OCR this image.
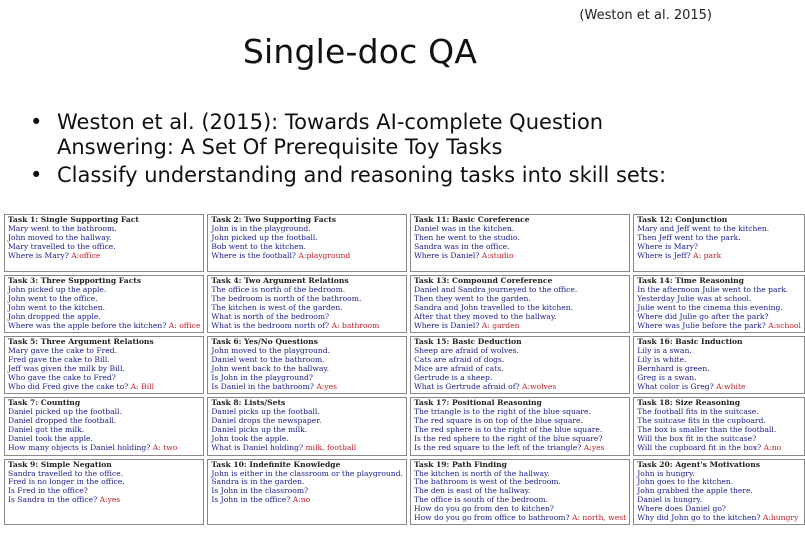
(Weston et al. 2015)
Single-doc QA
• Weston et al. (2015): Towards AI-complete Question Answering: A Set Of Prerequisite Toy Tasks
• Classify understanding and reasoning tasks into skill sets:
Task 1: Single Supporting Fact
Mary went to the bathroom.
John moved to the hallway.
Mary travelled to the office.
Where is Mary? A:office
Task 2: Two Supporting Facts
John is in the playground.
John picked up the football.
Bob went to the kitchen.
Where is the football? A:playground
Task 11: Basic Coreference
Daniel was in the kitchen.
Then he went to the studio.
Sandra was in the office.
Where is Daniel? A:studio
Task 12: Conjunction
Mary and Jeff went to the kitchen.
Then Jeff went to the park.
Where is Mary?
Where is Jeff? A: park
Task 3: Three Supporting Facts
John picked up the apple.
John went to the office.
John went to the kitchen.
John dropped the apple.
Where was the apple before the kitchen? A: office
Task 4: Two Argument Relations
The office is north of the bedroom.
The bedroom is north of the bathroom.
The kitchen is west of the garden.
What is north of the bedroom?
What is the bedroom north of? A: bathroom
Task 13: Compound Coreference
Daniel and Sandra journeyed to the office.
Then they went to the garden.
Sandra and John travelled to the kitchen.
After that they moved to the hallway.
Where is Daniel? A: garden
Task 14: Time Reasoning
In the afternoon Julie went to the park.
Yesterday Julie was at school.
Julie went to the cinema this evening.
Where did Julie go after the park?
Where was Julie before the park? A:school
Task 5: Three Argument Relations
Mary gave the cake to Fred.
Fred gave the cake to Bill.
Jeff was given the milk by Bill.
Who gave the cake to Fred?
Who did Fred give the cake to? A: Bill
Task 6: Yes/No Questions
John moved to the playground.
Daniel went to the bathroom.
John went back to the hallway.
Is John in the playground?
Is Daniel in the bathroom? A:yes
Task 15: Basic Deduction
Sheep are afraid of wolves.
Cats are afraid of dogs.
Mice are afraid of cats.
Gertrude is a sheep.
What is Gertrude afraid of? A:wolves
Task 16: Basic Induction
Lily is a swan.
Lily is white.
Bernhard is green.
Greg is a swan.
What color is Greg? A:white
Task 7: Counting
Daniel picked up the football.
Daniel dropped the football.
Daniel got the milk.
Daniel took the apple.
How many objects is Daniel holding? A: two
Task 8: Lists/Sets
Daniel picks up the football.
Daniel drops the newspaper.
Daniel picks up the milk.
John took the apple.
What is Daniel holding? milk, football
Task 17: Positional Reasoning
The triangle is to the right of the blue square.
The red square is on top of the blue square.
The red sphere is to the right of the blue square.
Is the red sphere to the right of the blue square?
Is the red square to the left of the triangle? A:yes
Task 18: Size Reasoning
The football fits in the suitcase.
The suitcase fits in the cupboard.
The box is smaller than the football.
Will the box fit in the suitcase?
Will the cupboard fit in the box? A:no
Task 9: Simple Negation
Sandra travelled to the office.
Fred is no longer in the office.
Is Fred in the office?
Is Sandra in the office? A:yes
Task 10: Indefinite Knowledge
John is either in the classroom or the playground.
Sandra is in the garden.
Is John in the classroom?
Is John in the office? A:no
Task 19: Path Finding
The kitchen is north of the hallway.
The bathroom is west of the bedroom.
The den is east of the hallway.
The office is south of the bedroom.
How do you go from den to kitchen?
How do you go from office to bathroom? A: north, west
Task 20: Agent's Motivations
John is hungry.
John goes to the kitchen.
John grabbed the apple there.
Daniel is hungry.
Where does Daniel go?
Why did John go to the kitchen? A:hungry
